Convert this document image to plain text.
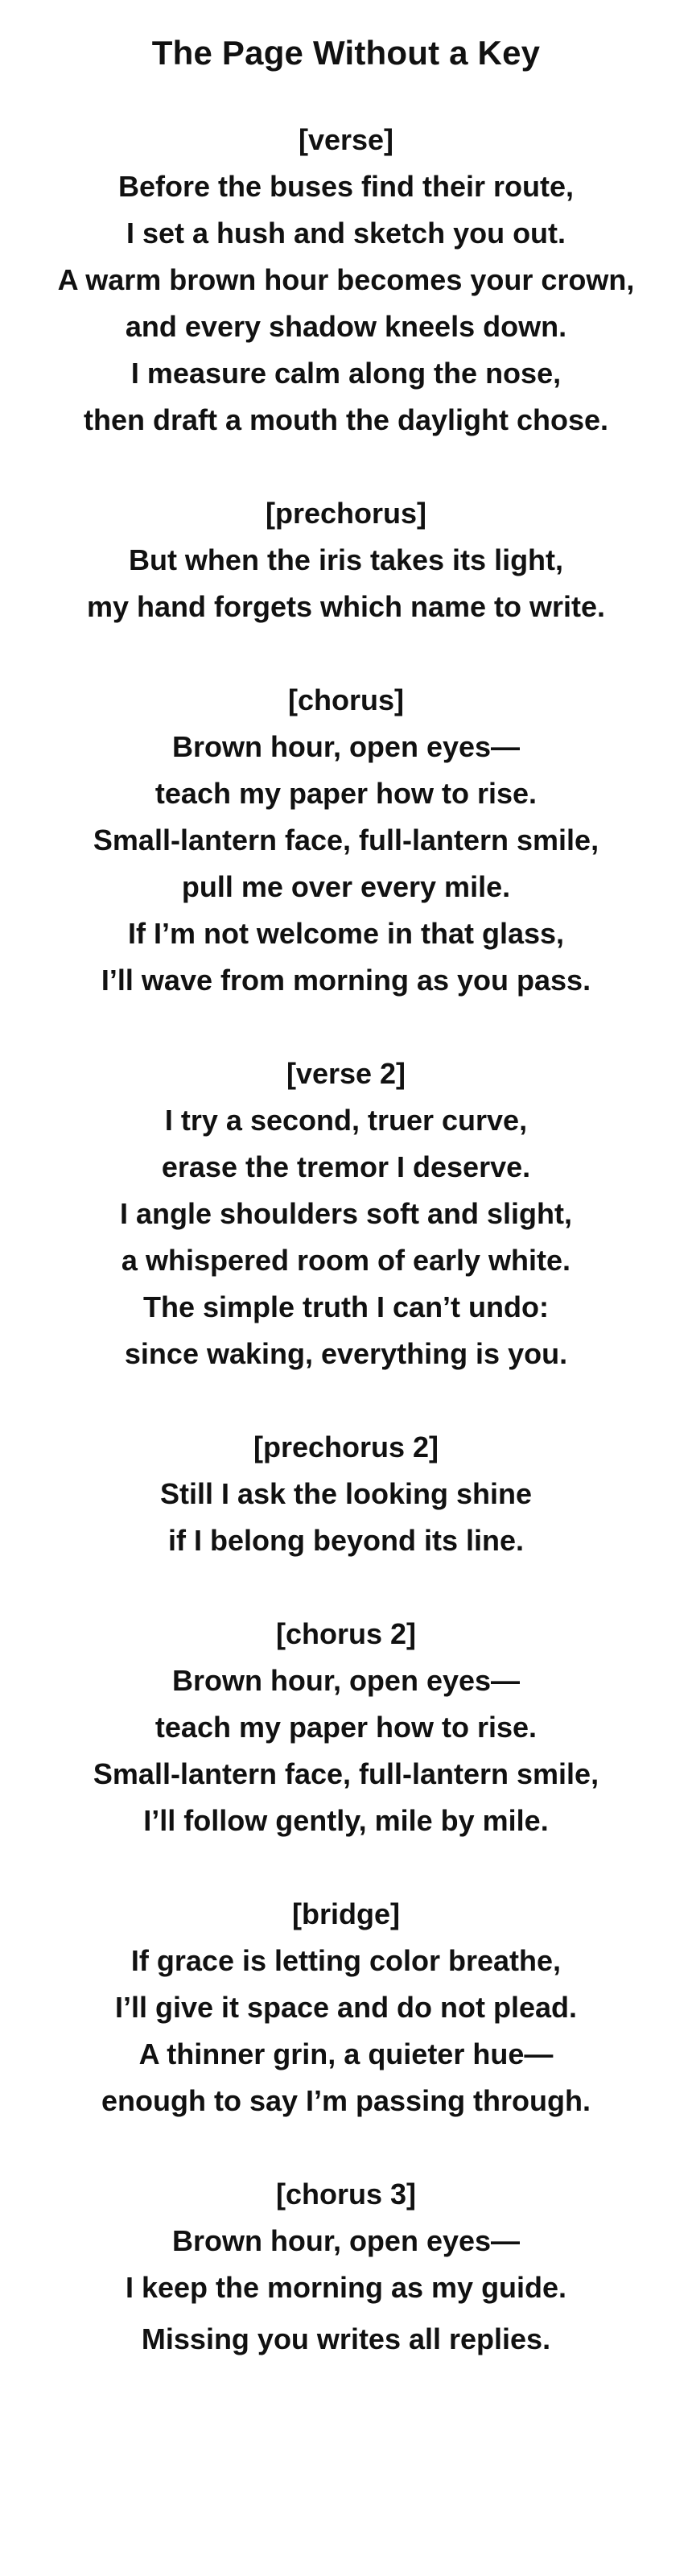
The Page Without a Key
[verse]
Before the buses find their route,
I set a hush and sketch you out.
A warm brown hour becomes your crown,
and every shadow kneels down.
I measure calm along the nose,
then draft a mouth the daylight chose.
[prechorus]
But when the iris takes its light,
my hand forgets which name to write.
[chorus]
Brown hour, open eyes—
teach my paper how to rise.
Small-lantern face, full-lantern smile,
pull me over every mile.
If I’m not welcome in that glass,
I’ll wave from morning as you pass.
[verse 2]
I try a second, truer curve,
erase the tremor I deserve.
I angle shoulders soft and slight,
a whispered room of early white.
The simple truth I can’t undo:
since waking, everything is you.
[prechorus 2]
Still I ask the looking shine
if I belong beyond its line.
[chorus 2]
Brown hour, open eyes—
teach my paper how to rise.
Small-lantern face, full-lantern smile,
I’ll follow gently, mile by mile.
[bridge]
If grace is letting color breathe,
I’ll give it space and do not plead.
A thinner grin, a quieter hue—
enough to say I’m passing through.
[chorus 3]
Brown hour, open eyes—
I keep the morning as my guide.
Missing you writes all replies.
